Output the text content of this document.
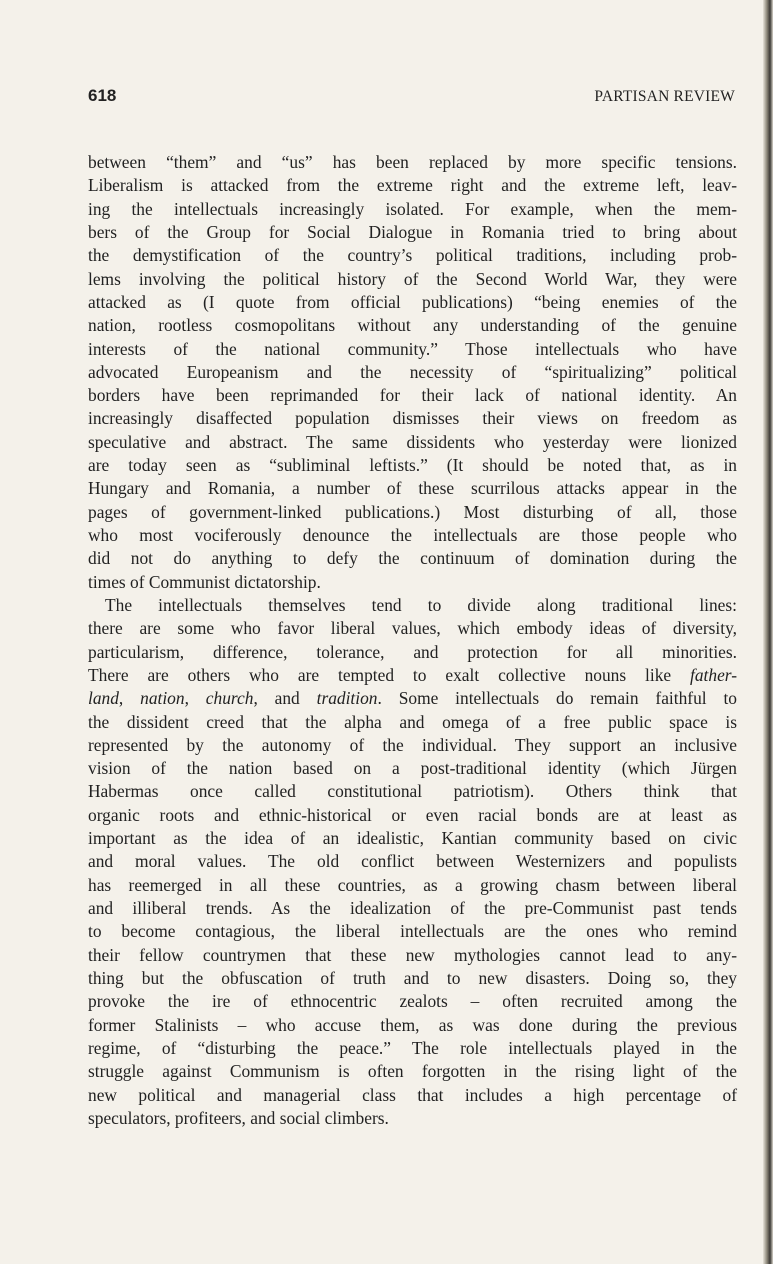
618	PARTISAN REVIEW
between “them” and “us” has been replaced by more specific tensions.
Liberalism is attacked from the extreme right and the extreme left, leav-
ing the intellectuals increasingly isolated. For example, when the mem-
bers of the Group for Social Dialogue in Romania tried to bring about
the demystification of the country’s political traditions, including prob-
lems involving the political history of the Second World War, they were
attacked as (I quote from official publications) “being enemies of the
nation, rootless cosmopolitans without any understanding of the genuine
interests of the national community.” Those intellectuals who have
advocated Europeanism and the necessity of “spiritualizing” political
borders have been reprimanded for their lack of national identity. An
increasingly disaffected population dismisses their views on freedom as
speculative and abstract. The same dissidents who yesterday were lionized
are today seen as “subliminal leftists.” (It should be noted that, as in
Hungary and Romania, a number of these scurrilous attacks appear in the
pages of government-linked publications.) Most disturbing of all, those
who most vociferously denounce the intellectuals are those people who
did not do anything to defy the continuum of domination during the
times of Communist dictatorship.
The intellectuals themselves tend to divide along traditional lines:
there are some who favor liberal values, which embody ideas of diversity,
particularism, difference, tolerance, and protection for all minorities.
There are others who are tempted to exalt collective nouns like father-
land, nation, church, and tradition. Some intellectuals do remain faithful to
the dissident creed that the alpha and omega of a free public space is
represented by the autonomy of the individual. They support an inclusive
vision of the nation based on a post-traditional identity (which Jürgen
Habermas once called constitutional patriotism). Others think that
organic roots and ethnic-historical or even racial bonds are at least as
important as the idea of an idealistic, Kantian community based on civic
and moral values. The old conflict between Westernizers and populists
has reemerged in all these countries, as a growing chasm between liberal
and illiberal trends. As the idealization of the pre-Communist past tends
to become contagious, the liberal intellectuals are the ones who remind
their fellow countrymen that these new mythologies cannot lead to any-
thing but the obfuscation of truth and to new disasters. Doing so, they
provoke the ire of ethnocentric zealots – often recruited among the
former Stalinists – who accuse them, as was done during the previous
regime, of “disturbing the peace.” The role intellectuals played in the
struggle against Communism is often forgotten in the rising light of the
new political and managerial class that includes a high percentage of
speculators, profiteers, and social climbers.
